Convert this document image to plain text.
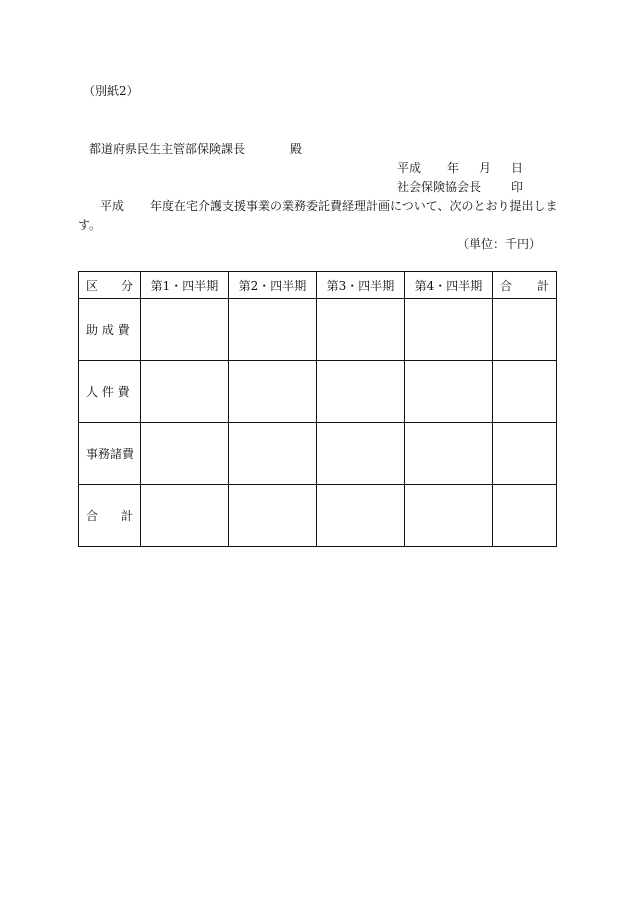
（別紙2）
都道府県民生主管部保険課長	殿
平成 年 月 日
社会保険協会長	印
平成 年度在宅介護支援事業の業務委託費経理計画について、次のとおり提出しま
す。
（単位：千円）
区 分	第1・四半期	第2・四半期	第3・四半期	第4・四半期	合 計

助 成 費					
人 件 費					
事務諸費					

合 計					
